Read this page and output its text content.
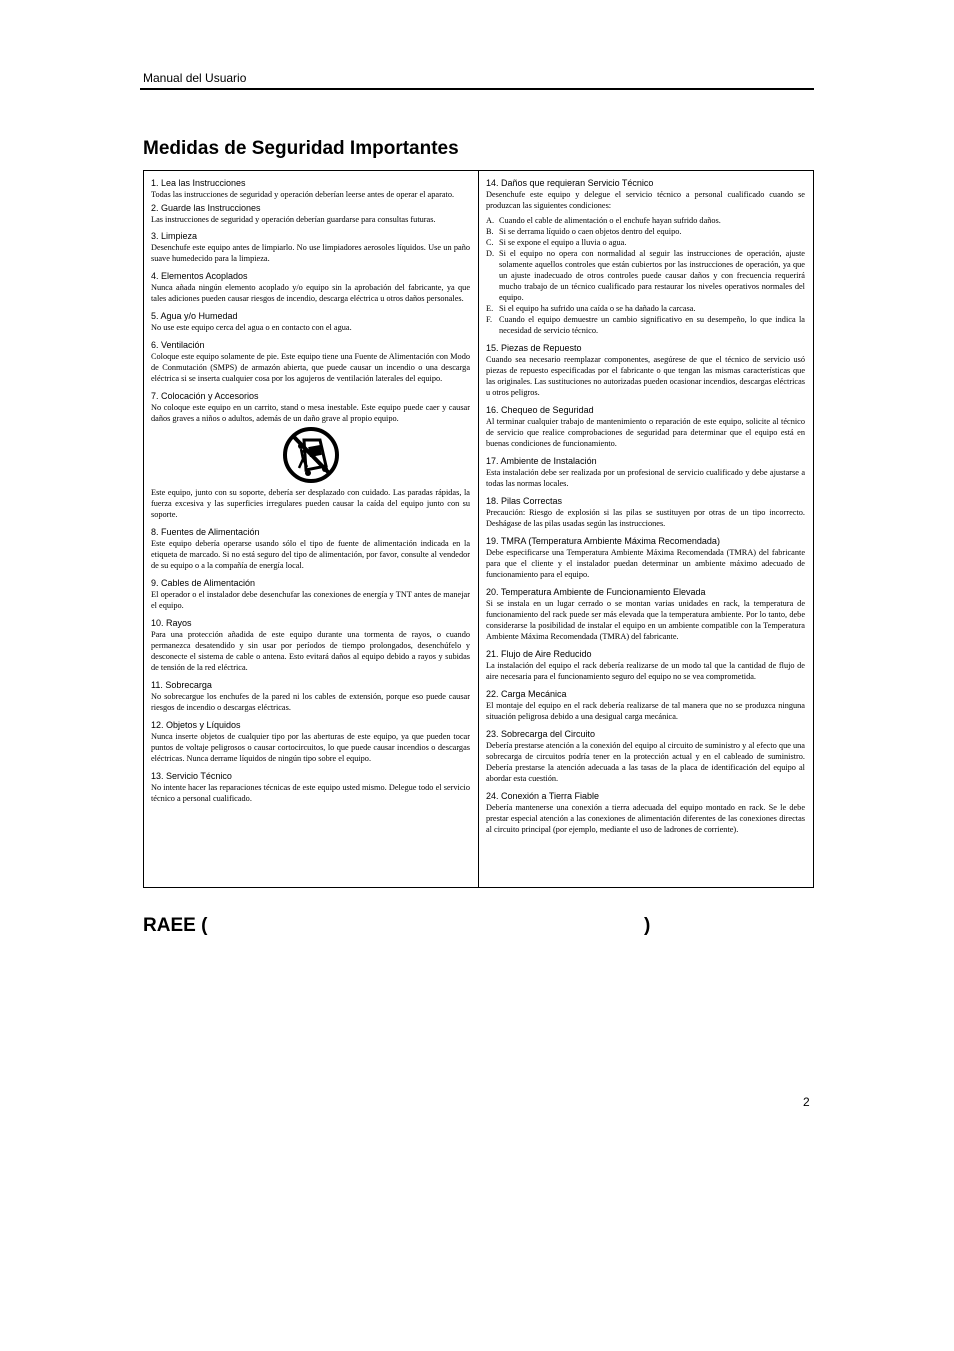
Manual del Usuario
Medidas de Seguridad Importantes

1. Lea las Instrucciones

Todas las instrucciones de seguridad y operación deberían leerse antes de operar el aparato.

2. Guarde las Instrucciones

Las instrucciones de seguridad y operación deberían guardarse para consultas futuras.

3. Limpieza

Desenchufe este equipo antes de limpiarlo. No use limpiadores aerosoles líquidos. Use un paño suave humedecido para la limpieza.

4. Elementos Acoplados

Nunca añada ningún elemento acoplado y/o equipo sin la aprobación del fabricante, ya que tales adiciones pueden causar riesgos de incendio, descarga eléctrica u otros daños personales.

5. Agua y/o Humedad

No use este equipo cerca del agua o en contacto con el agua.

6. Ventilación

Coloque este equipo solamente de pie. Este equipo tiene una Fuente de Alimentación con Modo de Conmutación (SMPS) de armazón abierta, que puede causar un incendio o una descarga eléctrica si se inserta cualquier cosa por los agujeros de ventilación laterales del equipo.

7. Colocación y Accesorios

No coloque este equipo en un carrito, stand o mesa inestable. Este equipo puede caer y causar daños graves a niños o adultos, además de un daño grave al propio equipo.

Este equipo, junto con su soporte, debería ser desplazado con cuidado. Las paradas rápidas, la fuerza excesiva y las superficies irregulares pueden causar la caída del equipo junto con su soporte.

8. Fuentes de Alimentación

Este equipo debería operarse usando sólo el tipo de fuente de alimentación indicada en la etiqueta de marcado. Si no está seguro del tipo de alimentación, por favor, consulte al vendedor de su equipo o a la compañía de energía local.

9. Cables de Alimentación

El operador o el instalador debe desenchufar las conexiones de energía y TNT antes de manejar el equipo.

10. Rayos

Para una protección añadida de este equipo durante una tormenta de rayos, o cuando permanezca desatendido y sin usar por períodos de tiempo prolongados, desenchúfelo y desconecte el sistema de cable o antena. Esto evitará daños al equipo debido a rayos y subidas de tensión de la red eléctrica.

11. Sobrecarga

No sobrecargue los enchufes de la pared ni los cables de extensión, porque eso puede causar riesgos de incendio o descargas eléctricas.

12. Objetos y Líquidos

Nunca inserte objetos de cualquier tipo por las aberturas de este equipo, ya que pueden tocar puntos de voltaje peligrosos o causar cortocircuitos, lo que puede causar incendios o descargas eléctricas. Nunca derrame líquidos de ningún tipo sobre el equipo.

13. Servicio Técnico

No intente hacer las reparaciones técnicas de este equipo usted mismo. Delegue todo el servicio técnico a personal cualificado.

14. Daños que requieran Servicio Técnico

Desenchufe este equipo y delegue el servicio técnico a personal cualificado cuando se produzcan las siguientes condiciones:

A. Cuando el cable de alimentación o el enchufe hayan sufrido daños.
B. Si se derrama líquido o caen objetos dentro del equipo.
C. Si se expone el equipo a lluvia o agua.
D. Si el equipo no opera con normalidad al seguir las instrucciones de operación, ajuste solamente aquellos controles que están cubiertos por las instrucciones de operación, ya que un ajuste inadecuado de otros controles puede causar daños y con frecuencia requerirá mucho trabajo de un técnico cualificado para restaurar los niveles operativos normales del equipo.
E. Si el equipo ha sufrido una caída o se ha dañado la carcasa.
F. Cuando el equipo demuestre un cambio significativo en su desempeño, lo que indica la necesidad de servicio técnico.

15. Piezas de Repuesto

Cuando sea necesario reemplazar componentes, asegúrese de que el técnico de servicio usó piezas de repuesto especificadas por el fabricante o que tengan las mismas características que las originales. Las sustituciones no autorizadas pueden ocasionar incendios, descargas eléctricas u otros peligros.

16. Chequeo de Seguridad

Al terminar cualquier trabajo de mantenimiento o reparación de este equipo, solicite al técnico de servicio que realice comprobaciones de seguridad para determinar que el equipo está en buenas condiciones de funcionamiento.

17. Ambiente de Instalación

Esta instalación debe ser realizada por un profesional de servicio cualificado y debe ajustarse a todas las normas locales.

18. Pilas Correctas

Precaución: Riesgo de explosión si las pilas se sustituyen por otras de un tipo incorrecto. Deshágase de las pilas usadas según las instrucciones.

19. TMRA (Temperatura Ambiente Máxima Recomendada)

Debe especificarse una Temperatura Ambiente Máxima Recomendada (TMRA) del fabricante para que el cliente y el instalador puedan determinar un ambiente máximo adecuado de funcionamiento para el equipo.

20. Temperatura Ambiente de Funcionamiento Elevada

Si se instala en un lugar cerrado o se montan varias unidades en rack, la temperatura de funcionamiento del rack puede ser más elevada que la temperatura ambiente. Por lo tanto, debe considerarse la posibilidad de instalar el equipo en un ambiente compatible con la Temperatura Ambiente Máxima Recomendada (TMRA) del fabricante.

21. Flujo de Aire Reducido

La instalación del equipo el rack debería realizarse de un modo tal que la cantidad de flujo de aire necesaria para el funcionamiento seguro del equipo no se vea comprometida.

22. Carga Mecánica

El montaje del equipo en el rack debería realizarse de tal manera que no se produzca ninguna situación peligrosa debido a una desigual carga mecánica.

23. Sobrecarga del Circuito

Debería prestarse atención a la conexión del equipo al circuito de suministro y al efecto que una sobrecarga de circuitos podría tener en la protección actual y en el cableado de suministro. Debería prestarse la atención adecuada a las tasas de la placa de identificación del equipo al abordar esta cuestión.

24. Conexión a Tierra Fiable

Debería mantenerse una conexión a tierra adecuada del equipo montado en rack. Se le debe prestar especial atención a las conexiones de alimentación diferentes de las conexiones directas al circuito principal (por ejemplo, mediante el uso de ladrones de corriente).

RAEE (	)
2
